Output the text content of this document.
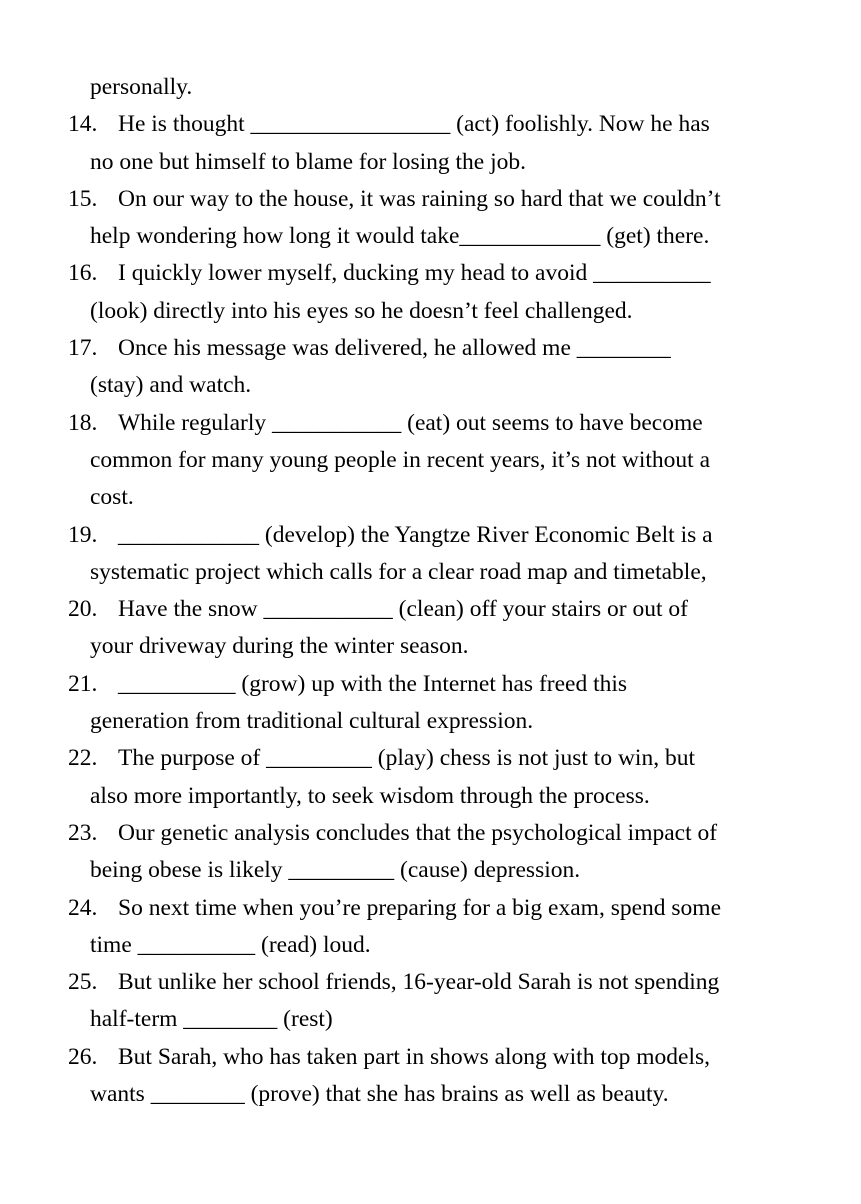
personally.
14. He is thought _________________ (act) foolishly. Now he has
no one but himself to blame for losing the job.
15. On our way to the house, it was raining so hard that we couldn’t
help wondering how long it would take____________ (get) there.
16. I quickly lower myself, ducking my head to avoid __________
(look) directly into his eyes so he doesn’t feel challenged.
17. Once his message was delivered, he allowed me ________
(stay) and watch.
18. While regularly ___________ (eat) out seems to have become
common for many young people in recent years, it’s not without a
cost.
19. ____________ (develop) the Yangtze River Economic Belt is a
systematic project which calls for a clear road map and timetable,
20. Have the snow ___________ (clean) off your stairs or out of
your driveway during the winter season.
21. __________ (grow) up with the Internet has freed this
generation from traditional cultural expression.
22. The purpose of _________ (play) chess is not just to win, but
also more importantly, to seek wisdom through the process.
23. Our genetic analysis concludes that the psychological impact of
being obese is likely _________ (cause) depression.
24. So next time when you’re preparing for a big exam, spend some
time __________ (read) loud.
25. But unlike her school friends, 16-year-old Sarah is not spending
half-term ________ (rest)
26. But Sarah, who has taken part in shows along with top models,
wants ________ (prove) that she has brains as well as beauty.
